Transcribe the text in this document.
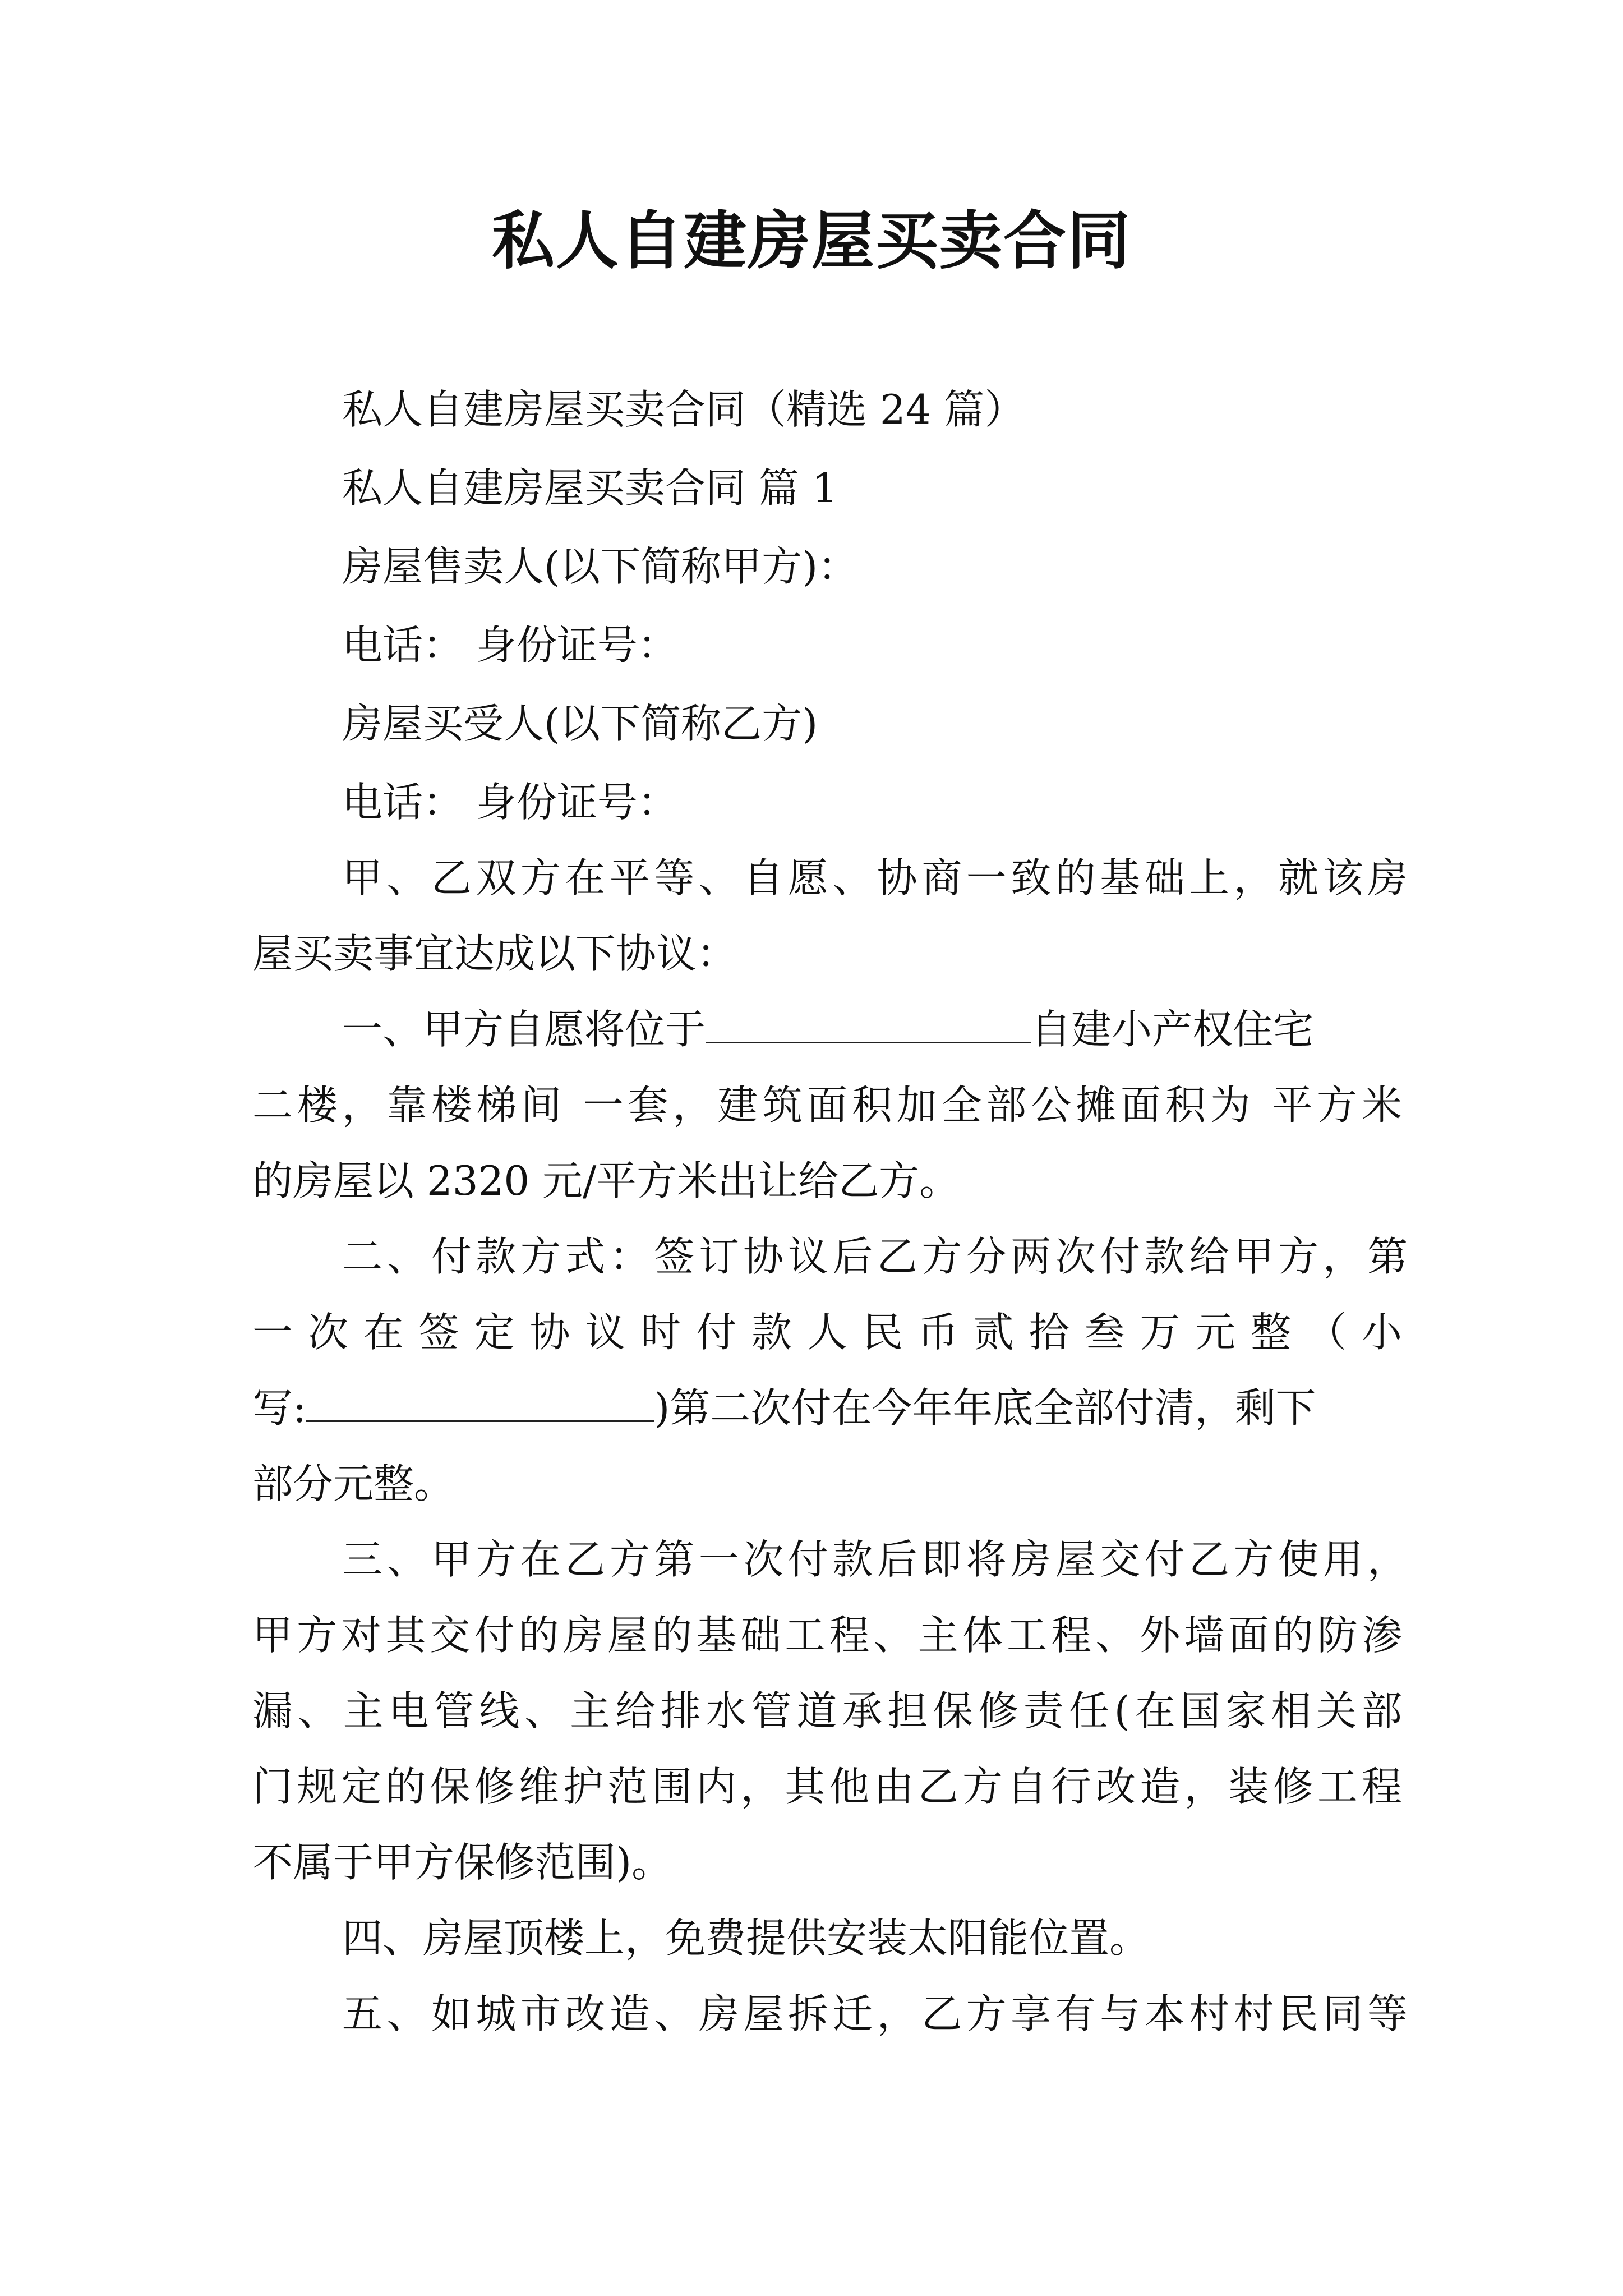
私人自建房屋买卖合同

私人自建房屋买卖合同（精选 24 篇）

私人自建房屋买卖合同 篇 1

房屋售卖人(以下简称甲方)：

电话： 身份证号：

房屋买受人(以下简称乙方)

电话： 身份证号：

甲、乙双方在平等、自愿、协商一致的基础上，就该房

屋买卖事宜达成以下协议：

一、甲方自愿将位于	自建小产权住宅

二楼，靠楼梯间 一套，建筑面积加全部公摊面积为 平方米

的房屋以 2320 元/平方米出让给乙方。

二、付款方式：签订协议后乙方分两次付款给甲方，第

一次在签定协议时付款人民币贰拾叁万元整（小

写:	)第二次付在今年年底全部付清，剩下

部分元整。

三、甲方在乙方第一次付款后即将房屋交付乙方使用，

甲方对其交付的房屋的基础工程、主体工程、外墙面的防渗

漏、主电管线、主给排水管道承担保修责任(在国家相关部

门规定的保修维护范围内，其他由乙方自行改造，装修工程

不属于甲方保修范围)。

四、房屋顶楼上，免费提供安装太阳能位置。

五、如城市改造、房屋拆迁，乙方享有与本村村民同等
